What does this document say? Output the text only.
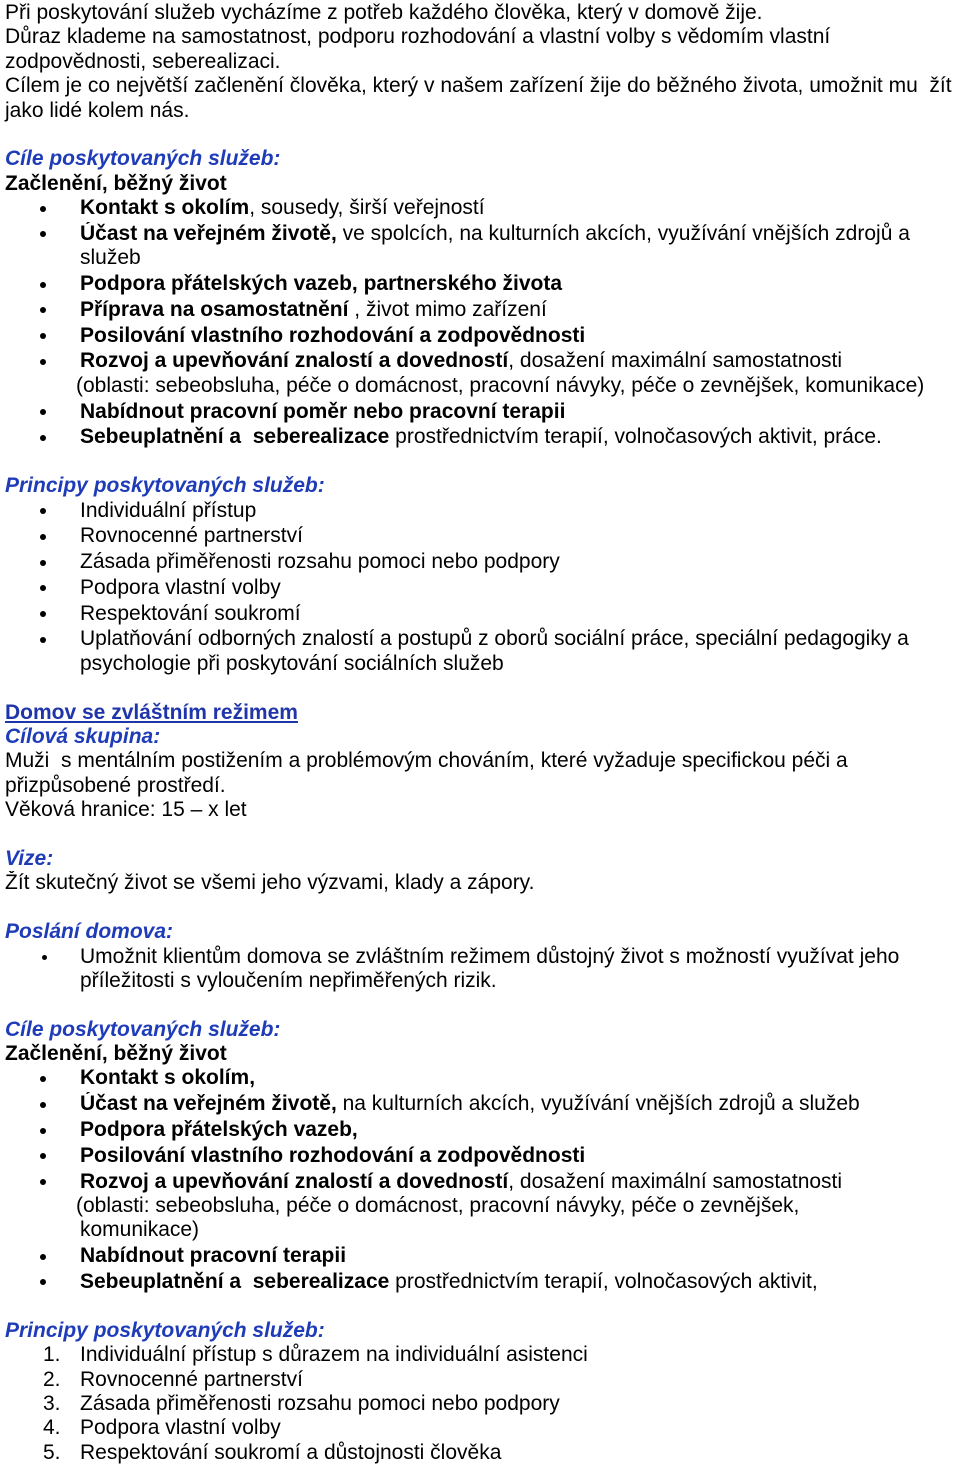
Při poskytování služeb vycházíme z potřeb každého člověka, který v domově žije.
Důraz klademe na samostatnost, podporu rozhodování a vlastní volby s vědomím vlastní
zodpovědnosti, seberealizaci.
Cílem je co největší začlenění člověka, který v našem zařízení žije do běžného života, umožnit mu  žít
jako lidé kolem nás.
Cíle poskytovaných služeb:
Začlenění, běžný život
Kontakt s okolím, sousedy, širší veřejností
Účast na veřejném životě, ve spolcích, na kulturních akcích, využívání vnějších zdrojů a
služeb
Podpora přátelských vazeb, partnerského života
Příprava na osamostatnění , život mimo zařízení
Posilování vlastního rozhodování a zodpovědnosti
Rozvoj a upevňování znalostí a dovedností, dosažení maximální samostatnosti
(oblasti: sebeobsluha, péče o domácnost, pracovní návyky, péče o zevnějšek, komunikace)
Nabídnout pracovní poměr nebo pracovní terapii
Sebeuplatnění a  seberealizace prostřednictvím terapií, volnočasových aktivit, práce.
Principy poskytovaných služeb:
Individuální přístup
Rovnocenné partnerství
Zásada přiměřenosti rozsahu pomoci nebo podpory
Podpora vlastní volby
Respektování soukromí
Uplatňování odborných znalostí a postupů z oborů sociální práce, speciální pedagogiky a
psychologie při poskytování sociálních služeb
Domov se zvláštním režimem
Cílová skupina:
Muži  s mentálním postižením a problémovým chováním, které vyžaduje specifickou péči a
přizpůsobené prostředí.
Věková hranice: 15 – x let
Vize:
Žít skutečný život se všemi jeho výzvami, klady a zápory.
Poslání domova:
Umožnit klientům domova se zvláštním režimem důstojný život s možností využívat jeho
příležitosti s vyloučením nepřiměřených rizik.
Cíle poskytovaných služeb:
Začlenění, běžný život
Kontakt s okolím,
Účast na veřejném životě, na kulturních akcích, využívání vnějších zdrojů a služeb
Podpora přátelských vazeb,
Posilování vlastního rozhodování a zodpovědnosti
Rozvoj a upevňování znalostí a dovedností, dosažení maximální samostatnosti
(oblasti: sebeobsluha, péče o domácnost, pracovní návyky, péče o zevnějšek,
komunikace)
Nabídnout pracovní terapii
Sebeuplatnění a  seberealizace prostřednictvím terapií, volnočasových aktivit,
Principy poskytovaných služeb:
1. Individuální přístup s důrazem na individuální asistenci
2. Rovnocenné partnerství
3. Zásada přiměřenosti rozsahu pomoci nebo podpory
4. Podpora vlastní volby
5. Respektování soukromí a důstojnosti člověka
